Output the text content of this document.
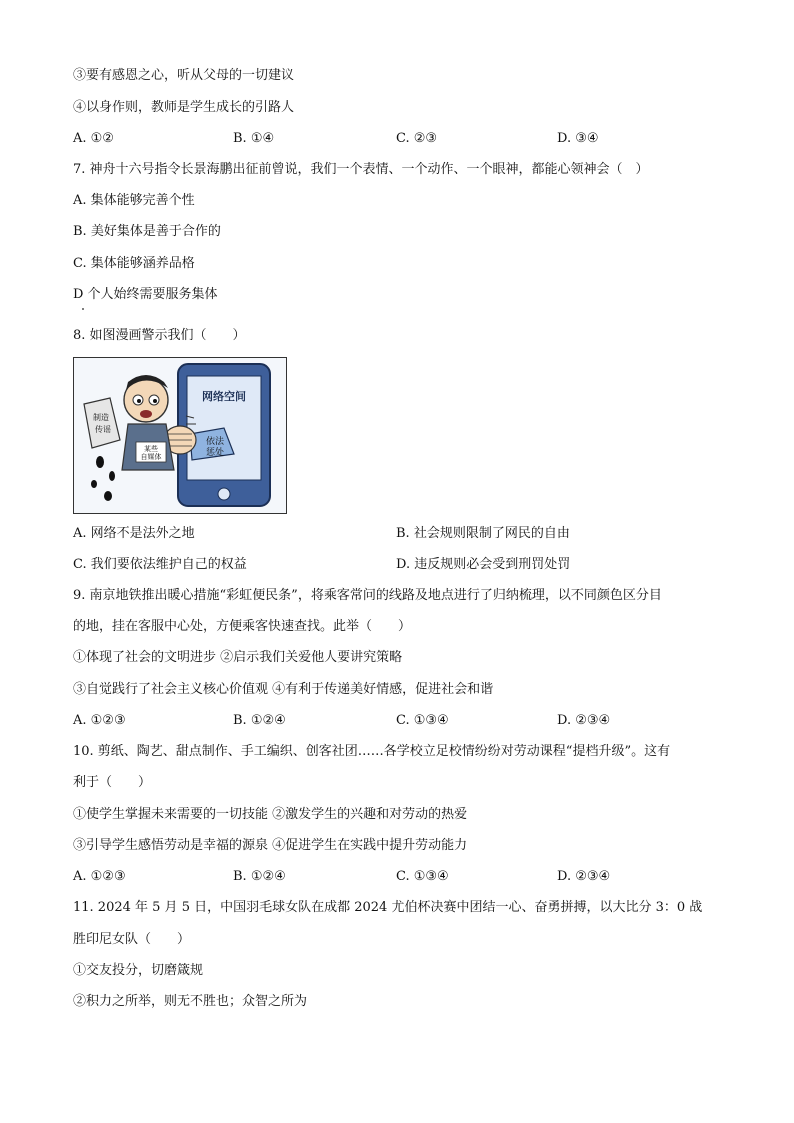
③要有感恩之心，听从父母的一切建议
④以身作则，教师是学生成长的引路人
A. ①②	B. ①④	C. ②③	D. ③④
7. 神舟十六号指令长景海鹏出征前曾说，我们一个表情、一个动作、一个眼神，都能心领神会（　）
A. 集体能够完善个性
B. 美好集体是善于合作的
C. 集体能够涵养品格
D 个人始终需要服务集体
8. 如图漫画警示我们（　　）
网络空间
依法
惩处
某些
自媒体
制造
传谣
A. 网络不是法外之地	B. 社会规则限制了网民的自由
C. 我们要依法维护自己的权益	D. 违反规则必会受到刑罚处罚
9. 南京地铁推出暖心措施“彩虹便民条”，将乘客常问的线路及地点进行了归纳梳理，以不同颜色区分目
的地，挂在客服中心处，方便乘客快速查找。此举（　　）
①体现了社会的文明进步 ②启示我们关爱他人要讲究策略
③自觉践行了社会主义核心价值观 ④有利于传递美好情感，促进社会和谐
A. ①②③	B. ①②④	C. ①③④	D. ②③④
10. 剪纸、陶艺、甜点制作、手工编织、创客社团……各学校立足校情纷纷对劳动课程“提档升级”。这有
利于（　　）
①使学生掌握未来需要的一切技能 ②激发学生的兴趣和对劳动的热爱
③引导学生感悟劳动是幸福的源泉 ④促进学生在实践中提升劳动能力
A. ①②③	B. ①②④	C. ①③④	D. ②③④
11. 2024 年 5 月 5 日，中国羽毛球女队在成都 2024 尤伯杯决赛中团结一心、奋勇拼搏，以大比分 3：0 战
胜印尼女队（　　）
①交友投分，切磨箴规
②积力之所举，则无不胜也；众智之所为
